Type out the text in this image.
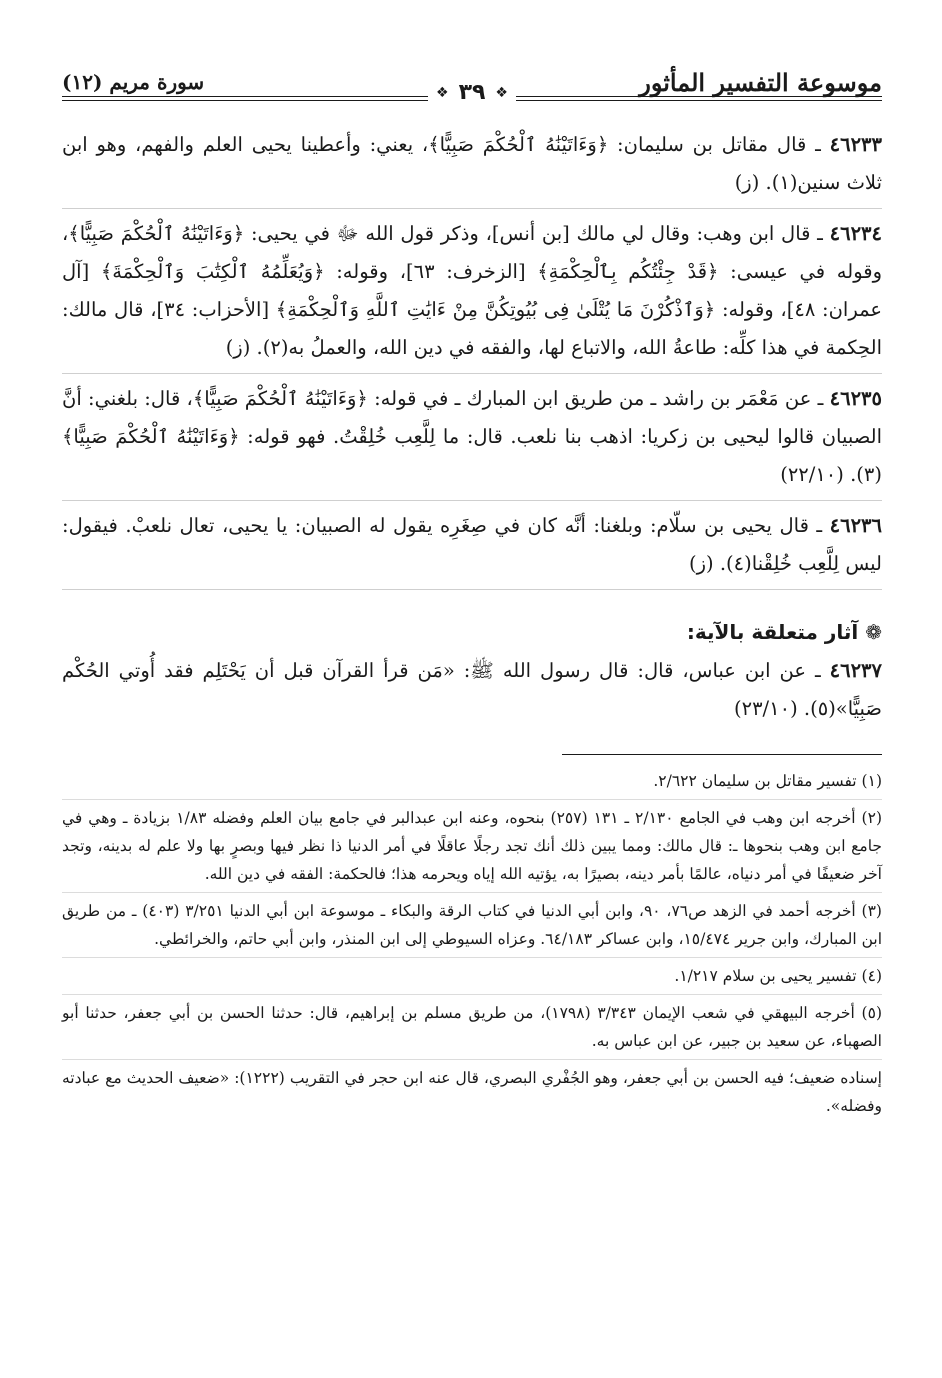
موسوعة التفسير المأثور
سورة مريم (١٢)	❖
٣٩
❖
٤٦٢٣٣ ـ قال مقاتل بن سليمان: ﴿وَءَاتَيْنَٰهُ ٱلْحُكْمَ صَبِيًّا﴾، يعني: وأعطينا يحيى العلم والفهم، وهو ابن ثلاث سنين(١). (ز)
٤٦٢٣٤ ـ قال ابن وهب: وقال لي مالك [بن أنس]، وذكر قول الله ﷻ في يحيى: ﴿وَءَاتَيْنَٰهُ ٱلْحُكْمَ صَبِيًّا﴾، وقوله في عيسى: ﴿قَدْ جِئْتُكُم بِٱلْحِكْمَةِ﴾ [الزخرف: ٦٣]، وقوله: ﴿وَيُعَلِّمُهُ ٱلْكِتَٰبَ وَٱلْحِكْمَةَ﴾ [آل عمران: ٤٨]، وقوله: ﴿وَٱذْكُرْنَ مَا يُتْلَىٰ فِى بُيُوتِكُنَّ مِنْ ءَايَٰتِ ٱللَّهِ وَٱلْحِكْمَةِ﴾ [الأحزاب: ٣٤]، قال مالك: الحِكمة في هذا كلِّه: طاعةُ الله، والاتباع لها، والفقه في دين الله، والعملُ به(٢). (ز)
٤٦٢٣٥ ـ عن مَعْمَر بن راشد ـ من طريق ابن المبارك ـ في قوله: ﴿وَءَاتَيْنَٰهُ ٱلْحُكْمَ صَبِيًّا﴾، قال: بلغني: أنَّ الصبيان قالوا ليحيى بن زكريا: اذهب بنا نلعب. قال: ما لِلَّعِب خُلِقْتُ. فهو قوله: ﴿وَءَاتَيْنَٰهُ ٱلْحُكْمَ صَبِيًّا﴾(٣). (٢٢/١٠)
٤٦٢٣٦ ـ قال يحيى بن سلّام: وبلغنا: أنَّه كان في صِغَرِه يقول له الصبيان: يا يحيى، تعال نلعبْ. فيقول: ليس لِلَّعِب خُلِقْنا(٤). (ز)
❁ آثار متعلقة بالآية:
٤٦٢٣٧ ـ عن ابن عباس، قال: قال رسول الله ﷺ: «مَن قرأ القرآن قبل أن يَحْتَلِم فقد أُوتي الحُكْم صَبِيًّا»(٥). (٢٣/١٠)
(١) تفسير مقاتل بن سليمان ٢/٦٢٢.
(٢) أخرجه ابن وهب في الجامع ٢/١٣٠ ـ ١٣١ (٢٥٧) بنحوه، وعنه ابن عبدالبر في جامع بيان العلم وفضله ١/٨٣ بزيادة ـ وهي في جامع ابن وهب بنحوها ـ: قال مالك: ومما يبين ذلك أنك تجد رجلًا عاقلًا في أمر الدنيا ذا نظر فيها وبصرٍ بها ولا علم له بدينه، وتجد آخر ضعيفًا في أمر دنياه، عالمًا بأمر دينه، بصيرًا به، يؤتيه الله إياه ويحرمه هذا؛ فالحكمة: الفقه في دين الله.
(٣) أخرجه أحمد في الزهد ص٧٦، ٩٠، وابن أبي الدنيا في كتاب الرقة والبكاء ـ موسوعة ابن أبي الدنيا ٣/٢٥١ (٤٠٣) ـ من طريق ابن المبارك، وابن جرير ١٥/٤٧٤، وابن عساكر ٦٤/١٨٣. وعزاه السيوطي إلى ابن المنذر، وابن أبي حاتم، والخرائطي.
(٤) تفسير يحيى بن سلام ١/٢١٧.
(٥) أخرجه البيهقي في شعب الإيمان ٣/٣٤٣ (١٧٩٨)، من طريق مسلم بن إبراهيم، قال: حدثنا الحسن بن أبي جعفر، حدثنا أبو الصهباء، عن سعيد بن جبير، عن ابن عباس به.
إسناده ضعيف؛ فيه الحسن بن أبي جعفر، وهو الجُفْري البصري، قال عنه ابن حجر في التقريب (١٢٢٢): «ضعيف الحديث مع عبادته وفضله».
